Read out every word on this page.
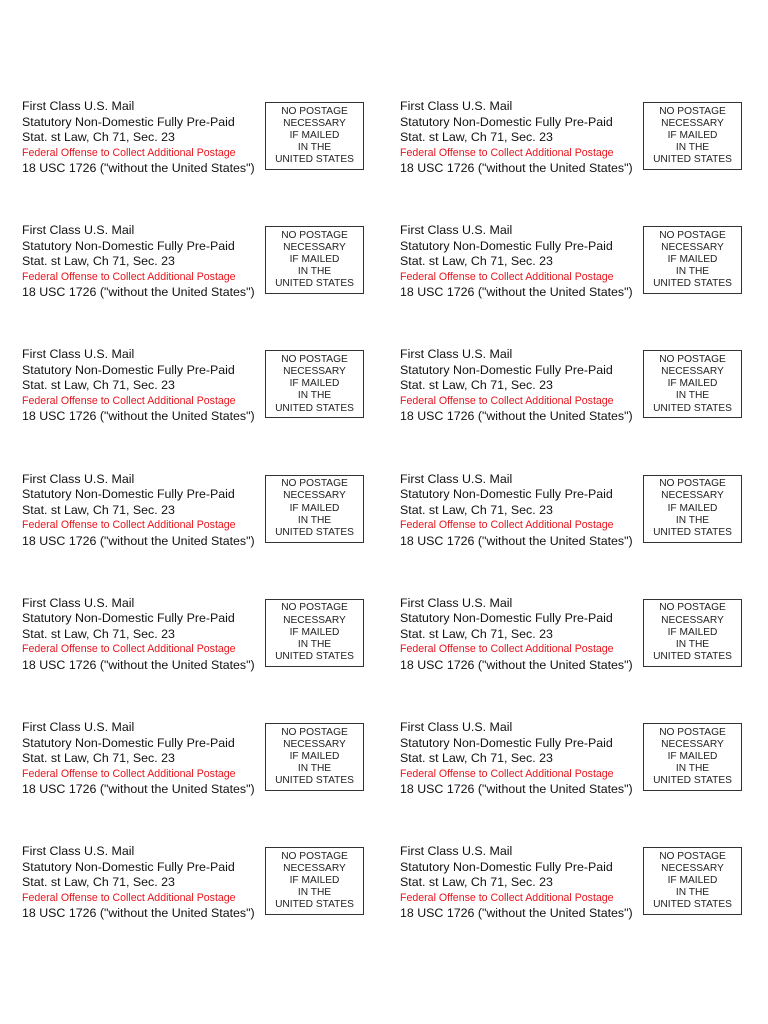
First Class U.S. Mail
Statutory Non-Domestic Fully Pre-Paid
Stat. st Law, Ch 71, Sec. 23
Federal Offense to Collect Additional Postage
18 USC 1726 ("without the United States")
NO POSTAGE
NECESSARY
IF MAILED
IN THE
UNITED STATES
First Class U.S. Mail
Statutory Non-Domestic Fully Pre-Paid
Stat. st Law, Ch 71, Sec. 23
Federal Offense to Collect Additional Postage
18 USC 1726 ("without the United States")
NO POSTAGE
NECESSARY
IF MAILED
IN THE
UNITED STATES
First Class U.S. Mail
Statutory Non-Domestic Fully Pre-Paid
Stat. st Law, Ch 71, Sec. 23
Federal Offense to Collect Additional Postage
18 USC 1726 ("without the United States")
NO POSTAGE
NECESSARY
IF MAILED
IN THE
UNITED STATES
First Class U.S. Mail
Statutory Non-Domestic Fully Pre-Paid
Stat. st Law, Ch 71, Sec. 23
Federal Offense to Collect Additional Postage
18 USC 1726 ("without the United States")
NO POSTAGE
NECESSARY
IF MAILED
IN THE
UNITED STATES
First Class U.S. Mail
Statutory Non-Domestic Fully Pre-Paid
Stat. st Law, Ch 71, Sec. 23
Federal Offense to Collect Additional Postage
18 USC 1726 ("without the United States")
NO POSTAGE
NECESSARY
IF MAILED
IN THE
UNITED STATES
First Class U.S. Mail
Statutory Non-Domestic Fully Pre-Paid
Stat. st Law, Ch 71, Sec. 23
Federal Offense to Collect Additional Postage
18 USC 1726 ("without the United States")
NO POSTAGE
NECESSARY
IF MAILED
IN THE
UNITED STATES
First Class U.S. Mail
Statutory Non-Domestic Fully Pre-Paid
Stat. st Law, Ch 71, Sec. 23
Federal Offense to Collect Additional Postage
18 USC 1726 ("without the United States")
NO POSTAGE
NECESSARY
IF MAILED
IN THE
UNITED STATES
First Class U.S. Mail
Statutory Non-Domestic Fully Pre-Paid
Stat. st Law, Ch 71, Sec. 23
Federal Offense to Collect Additional Postage
18 USC 1726 ("without the United States")
NO POSTAGE
NECESSARY
IF MAILED
IN THE
UNITED STATES
First Class U.S. Mail
Statutory Non-Domestic Fully Pre-Paid
Stat. st Law, Ch 71, Sec. 23
Federal Offense to Collect Additional Postage
18 USC 1726 ("without the United States")
NO POSTAGE
NECESSARY
IF MAILED
IN THE
UNITED STATES
First Class U.S. Mail
Statutory Non-Domestic Fully Pre-Paid
Stat. st Law, Ch 71, Sec. 23
Federal Offense to Collect Additional Postage
18 USC 1726 ("without the United States")
NO POSTAGE
NECESSARY
IF MAILED
IN THE
UNITED STATES
First Class U.S. Mail
Statutory Non-Domestic Fully Pre-Paid
Stat. st Law, Ch 71, Sec. 23
Federal Offense to Collect Additional Postage
18 USC 1726 ("without the United States")
NO POSTAGE
NECESSARY
IF MAILED
IN THE
UNITED STATES
First Class U.S. Mail
Statutory Non-Domestic Fully Pre-Paid
Stat. st Law, Ch 71, Sec. 23
Federal Offense to Collect Additional Postage
18 USC 1726 ("without the United States")
NO POSTAGE
NECESSARY
IF MAILED
IN THE
UNITED STATES
First Class U.S. Mail
Statutory Non-Domestic Fully Pre-Paid
Stat. st Law, Ch 71, Sec. 23
Federal Offense to Collect Additional Postage
18 USC 1726 ("without the United States")
NO POSTAGE
NECESSARY
IF MAILED
IN THE
UNITED STATES
First Class U.S. Mail
Statutory Non-Domestic Fully Pre-Paid
Stat. st Law, Ch 71, Sec. 23
Federal Offense to Collect Additional Postage
18 USC 1726 ("without the United States")
NO POSTAGE
NECESSARY
IF MAILED
IN THE
UNITED STATES
